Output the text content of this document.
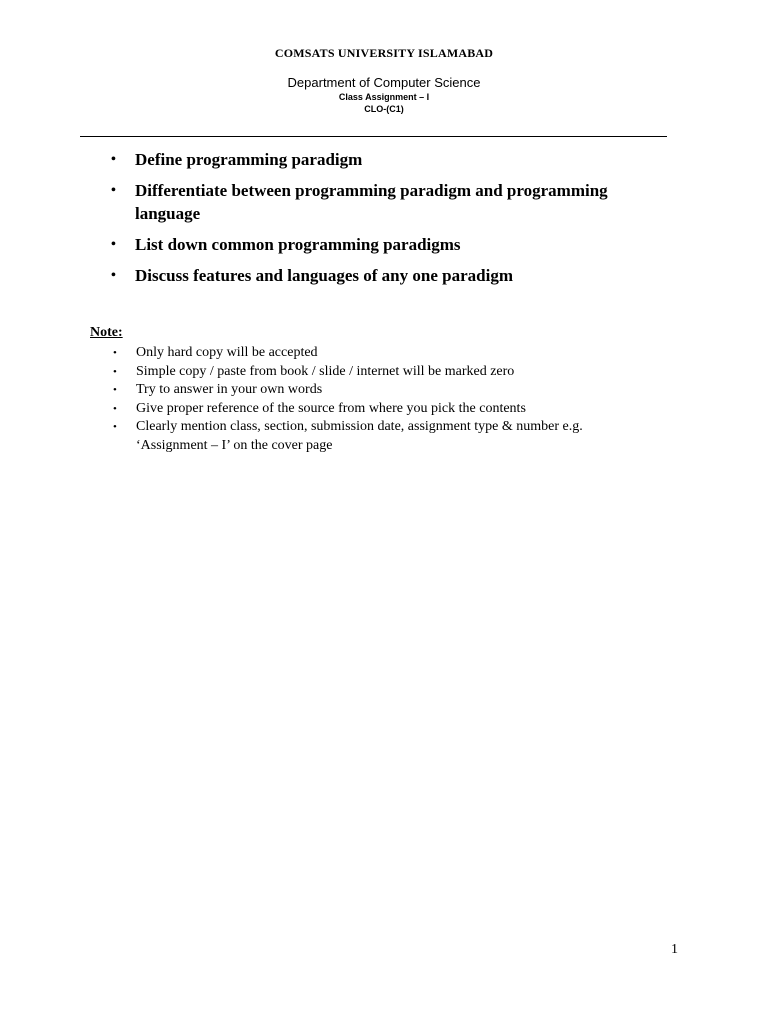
COMSATS UNIVERSITY ISLAMABAD
Department of Computer Science
Class Assignment – I
CLO-(C1)
• Define programming paradigm
• Differentiate between programming paradigm and programming language
• List down common programming paradigms
• Discuss features and languages of any one paradigm
Note:
• Only hard copy will be accepted
• Simple copy / paste from book / slide / internet will be marked zero
• Try to answer in your own words
• Give proper reference of the source from where you pick the contents
• Clearly mention class, section, submission date, assignment type & number e.g. ‘Assignment – I’ on the cover page
1
